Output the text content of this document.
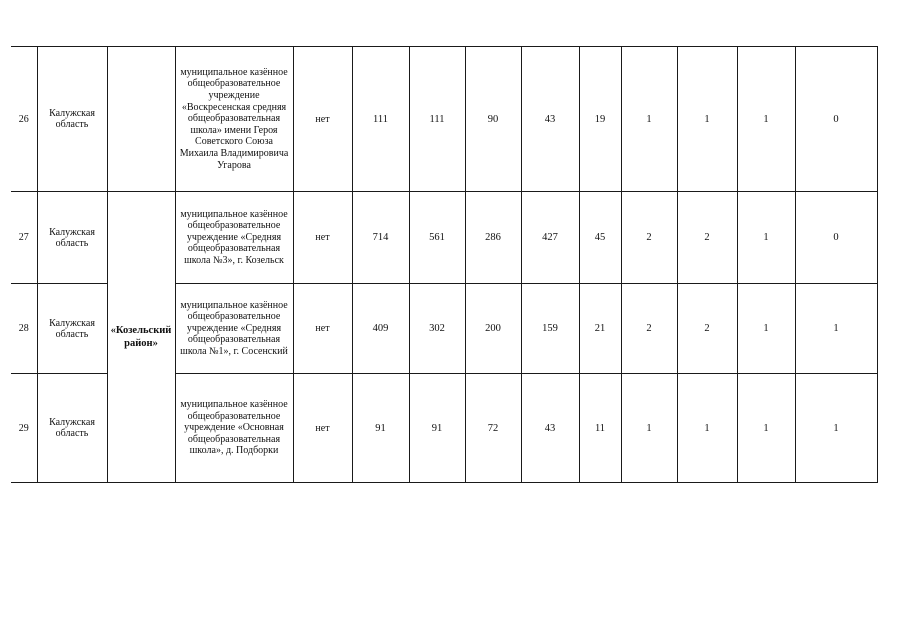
26	Калужская область		муниципальное казённое общеобразовательное учреждение «Воскресенская средняя общеобразовательная школа» имени Героя Советского Союза Михаила Владимировича Угарова	нет	111	111	90	43	19	1	1	1	0
27	Калужская область	«Козельский район»	муниципальное казённое общеобразовательное учреждение «Средняя общеобразовательная школа №3», г. Козельск	нет	714	561	286	427	45	2	2	1	0
28	Калужская область		муниципальное казённое общеобразовательное учреждение «Средняя общеобразовательная школа №1», г. Сосенский	нет	409	302	200	159	21	2	2	1	1
29	Калужская область		муниципальное казённое общеобразовательное учреждение «Основная общеобразовательная школа», д. Подборки	нет	91	91	72	43	11	1	1	1	1
